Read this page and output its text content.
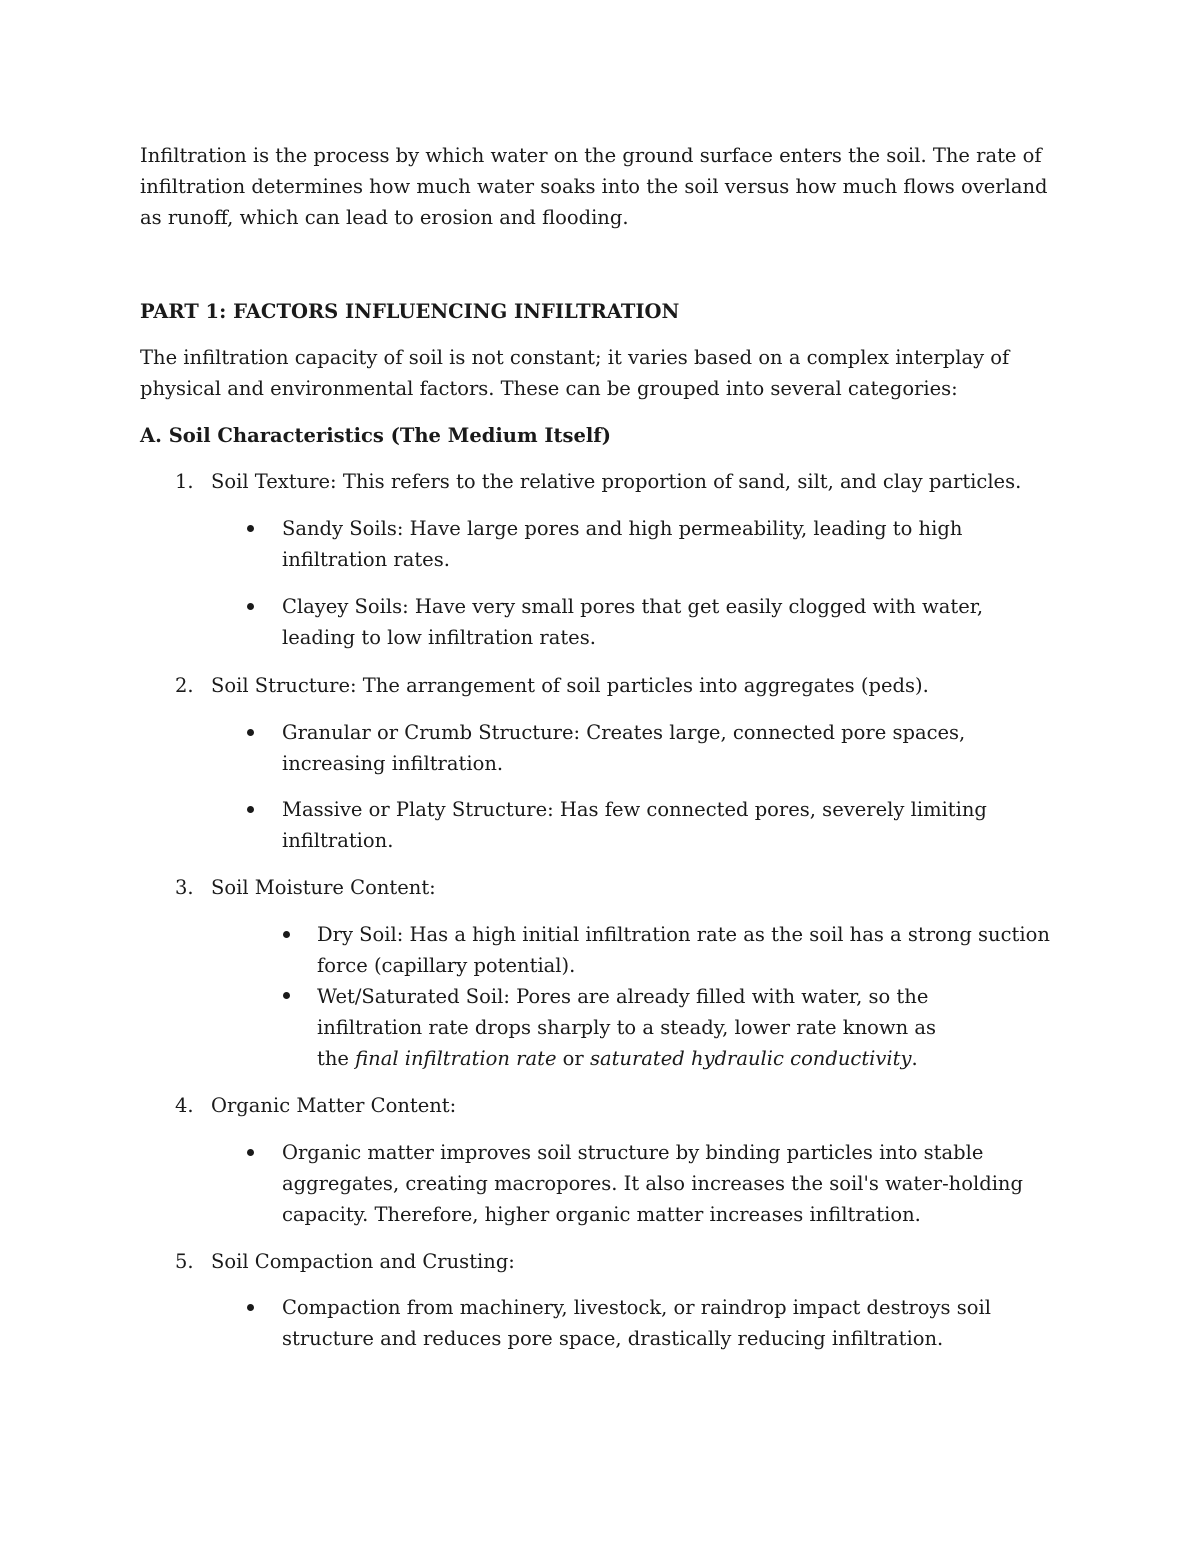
Infiltration is the process by which water on the ground surface enters the soil. The rate of infiltration determines how much water soaks into the soil versus how much flows overland as runoff, which can lead to erosion and flooding.

PART 1: FACTORS INFLUENCING INFILTRATION

The infiltration capacity of soil is not constant; it varies based on a complex interplay of physical and environmental factors. These can be grouped into several categories:

A. Soil Characteristics (The Medium Itself)

1. Soil Texture: This refers to the relative proportion of sand, silt, and clay particles.

Sandy Soils: Have large pores and high permeability, leading to high infiltration rates.

Clayey Soils: Have very small pores that get easily clogged with water, leading to low infiltration rates.

2. Soil Structure: The arrangement of soil particles into aggregates (peds).

Granular or Crumb Structure: Creates large, connected pore spaces, increasing infiltration.

Massive or Platy Structure: Has few connected pores, severely limiting infiltration.

3. Soil Moisture Content:

Dry Soil: Has a high initial infiltration rate as the soil has a strong suction force (capillary potential).

Wet/Saturated Soil: Pores are already filled with water, so the infiltration rate drops sharply to a steady, lower rate known as the final infiltration rate or saturated hydraulic conductivity.

4. Organic Matter Content:

Organic matter improves soil structure by binding particles into stable aggregates, creating macropores. It also increases the soil's water-holding capacity. Therefore, higher organic matter increases infiltration.

5. Soil Compaction and Crusting:

Compaction from machinery, livestock, or raindrop impact destroys soil structure and reduces pore space, drastically reducing infiltration.
